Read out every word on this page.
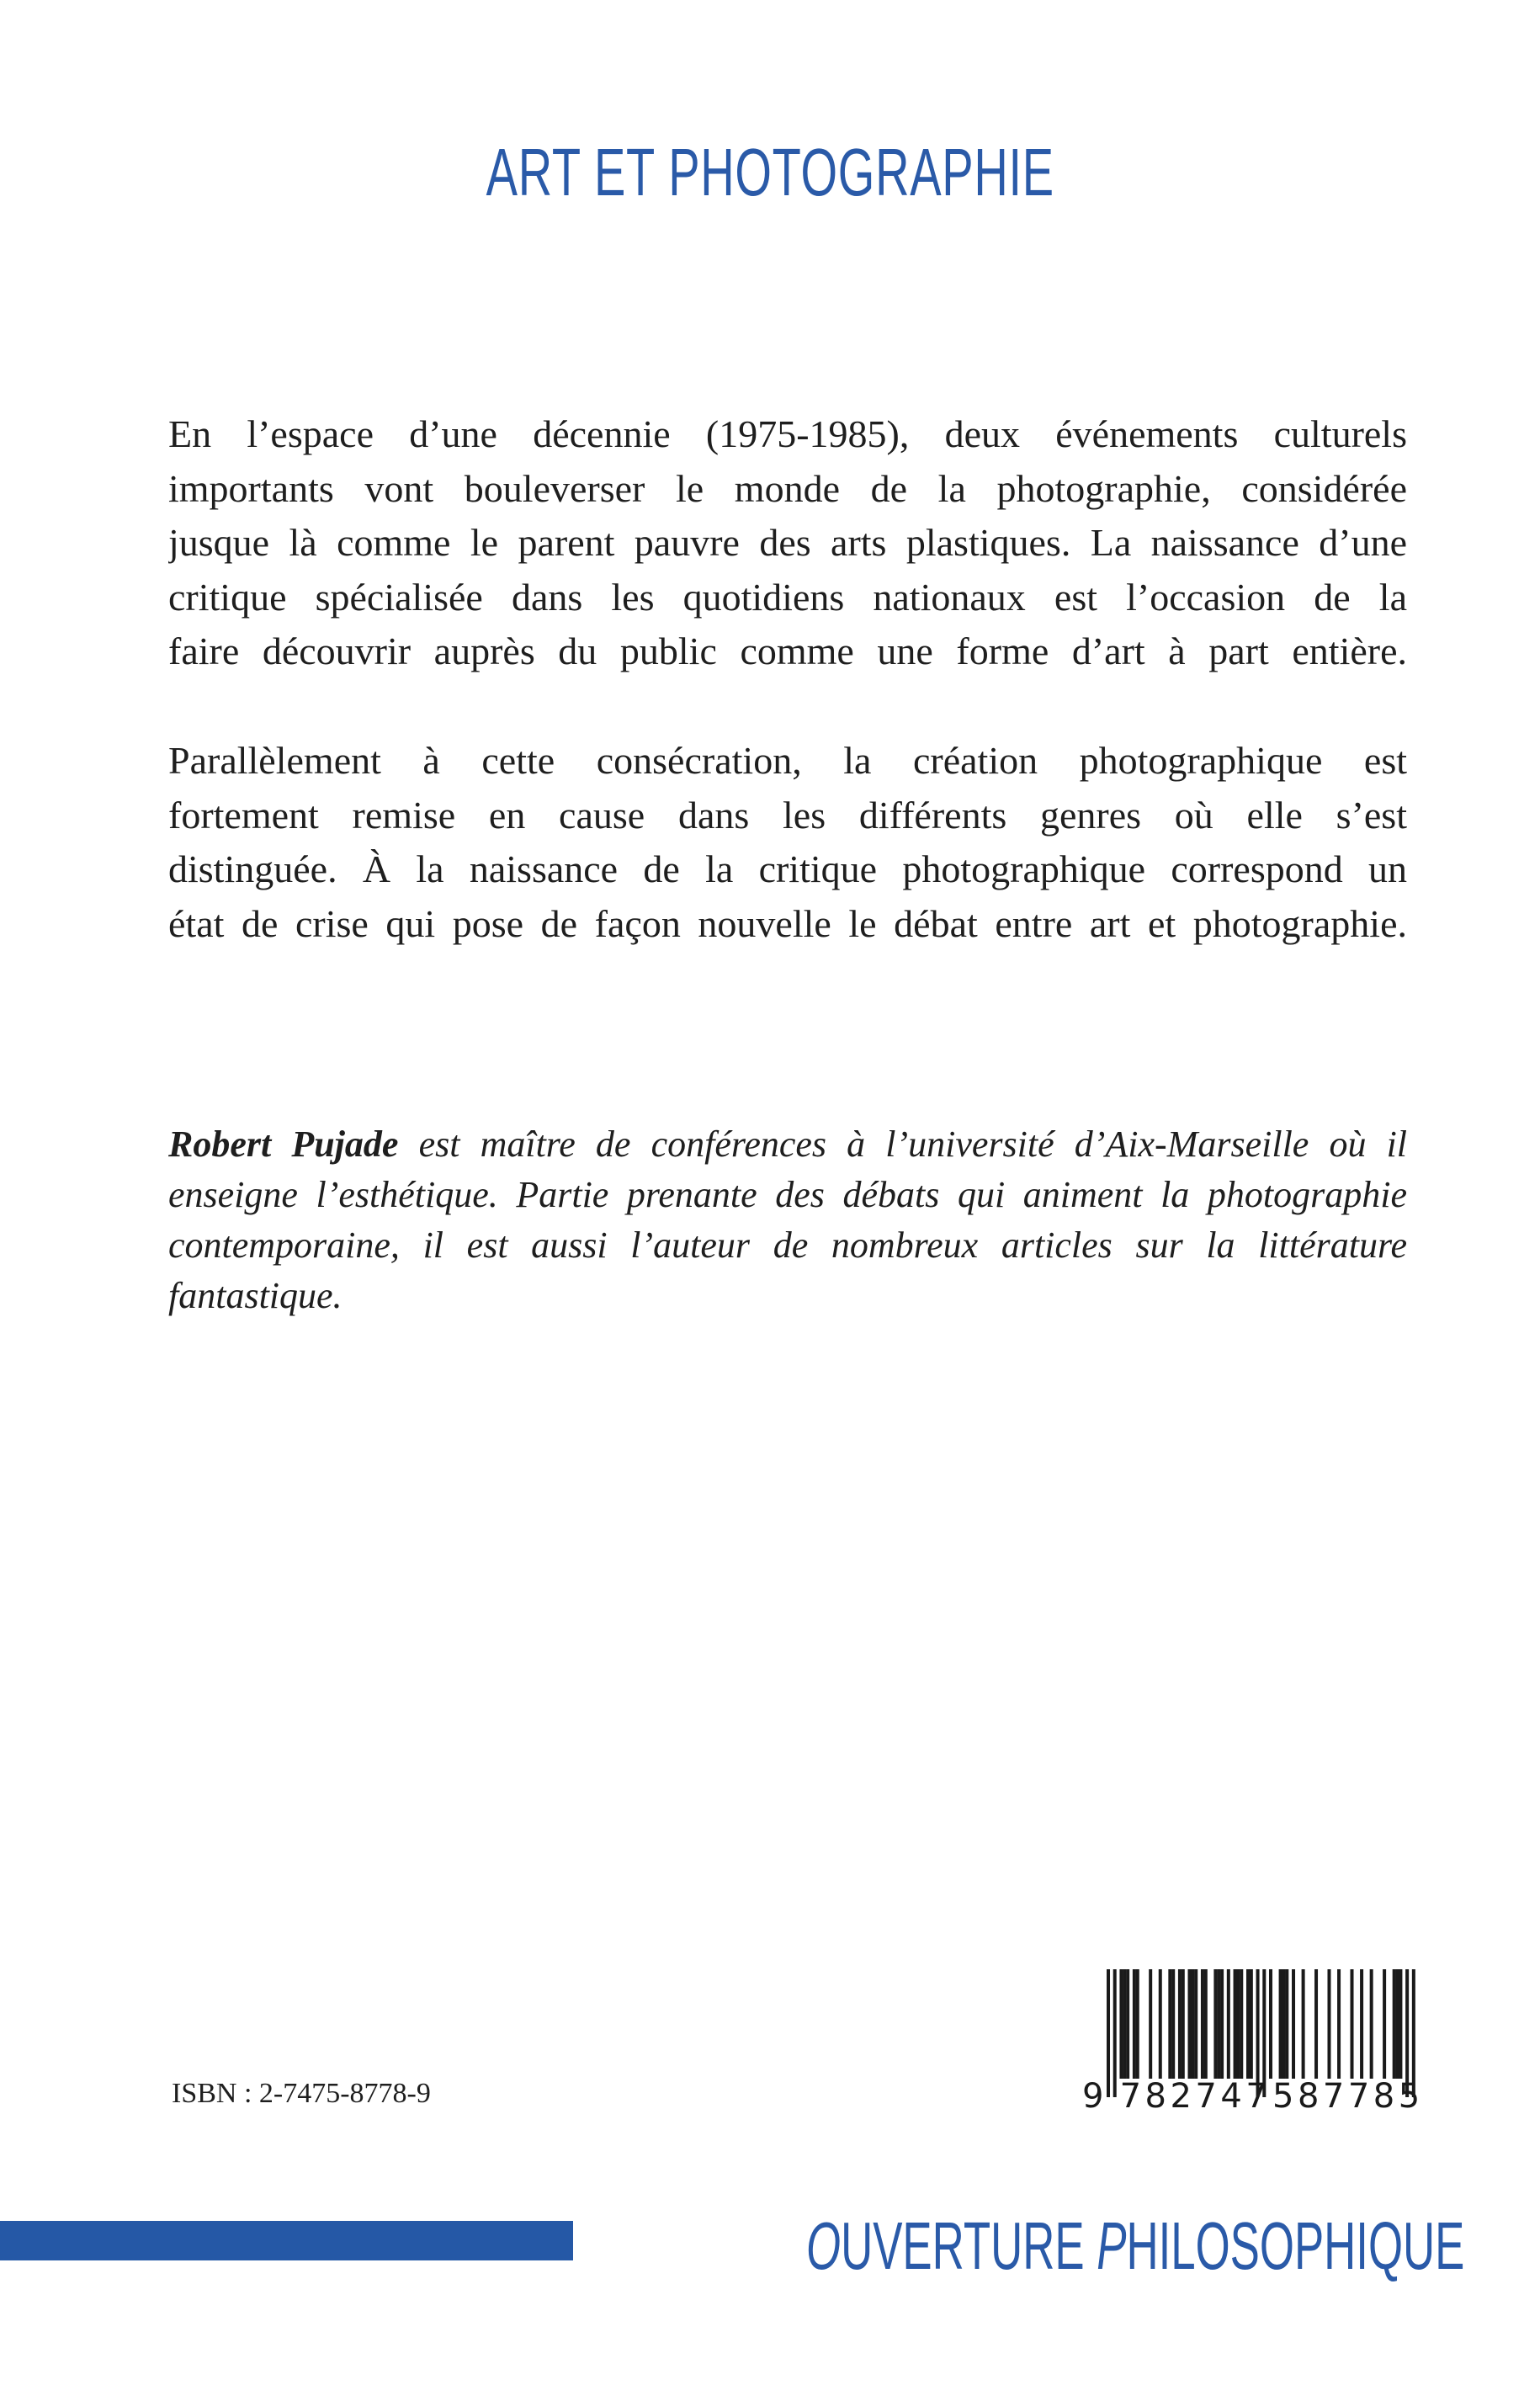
ART ET PHOTOGRAPHIE
En l’espace d’une décennie (1975-1985), deux événements culturels
importants vont bouleverser le monde de la photographie, considérée
jusque là comme le parent pauvre des arts plastiques. La naissance d’une
critique spécialisée dans les quotidiens nationaux est l’occasion de la
faire découvrir auprès du public comme une forme d’art à part entière.
Parallèlement à cette consécration, la création photographique est
fortement remise en cause dans les différents genres où elle s’est
distinguée. À la naissance de la critique photographique correspond un
état de crise qui pose de façon nouvelle le débat entre art et photographie.
Robert Pujade est maître de conférences à l’université d’Aix-Marseille où il
enseigne l’esthétique. Partie prenante des débats qui animent la photographie
contemporaine, il est aussi l’auteur de nombreux articles sur la littérature
fantastique.
ISBN : 2-7475-8778-9	9 782747 587785
OUVERTURE PHILOSOPHIQUE
